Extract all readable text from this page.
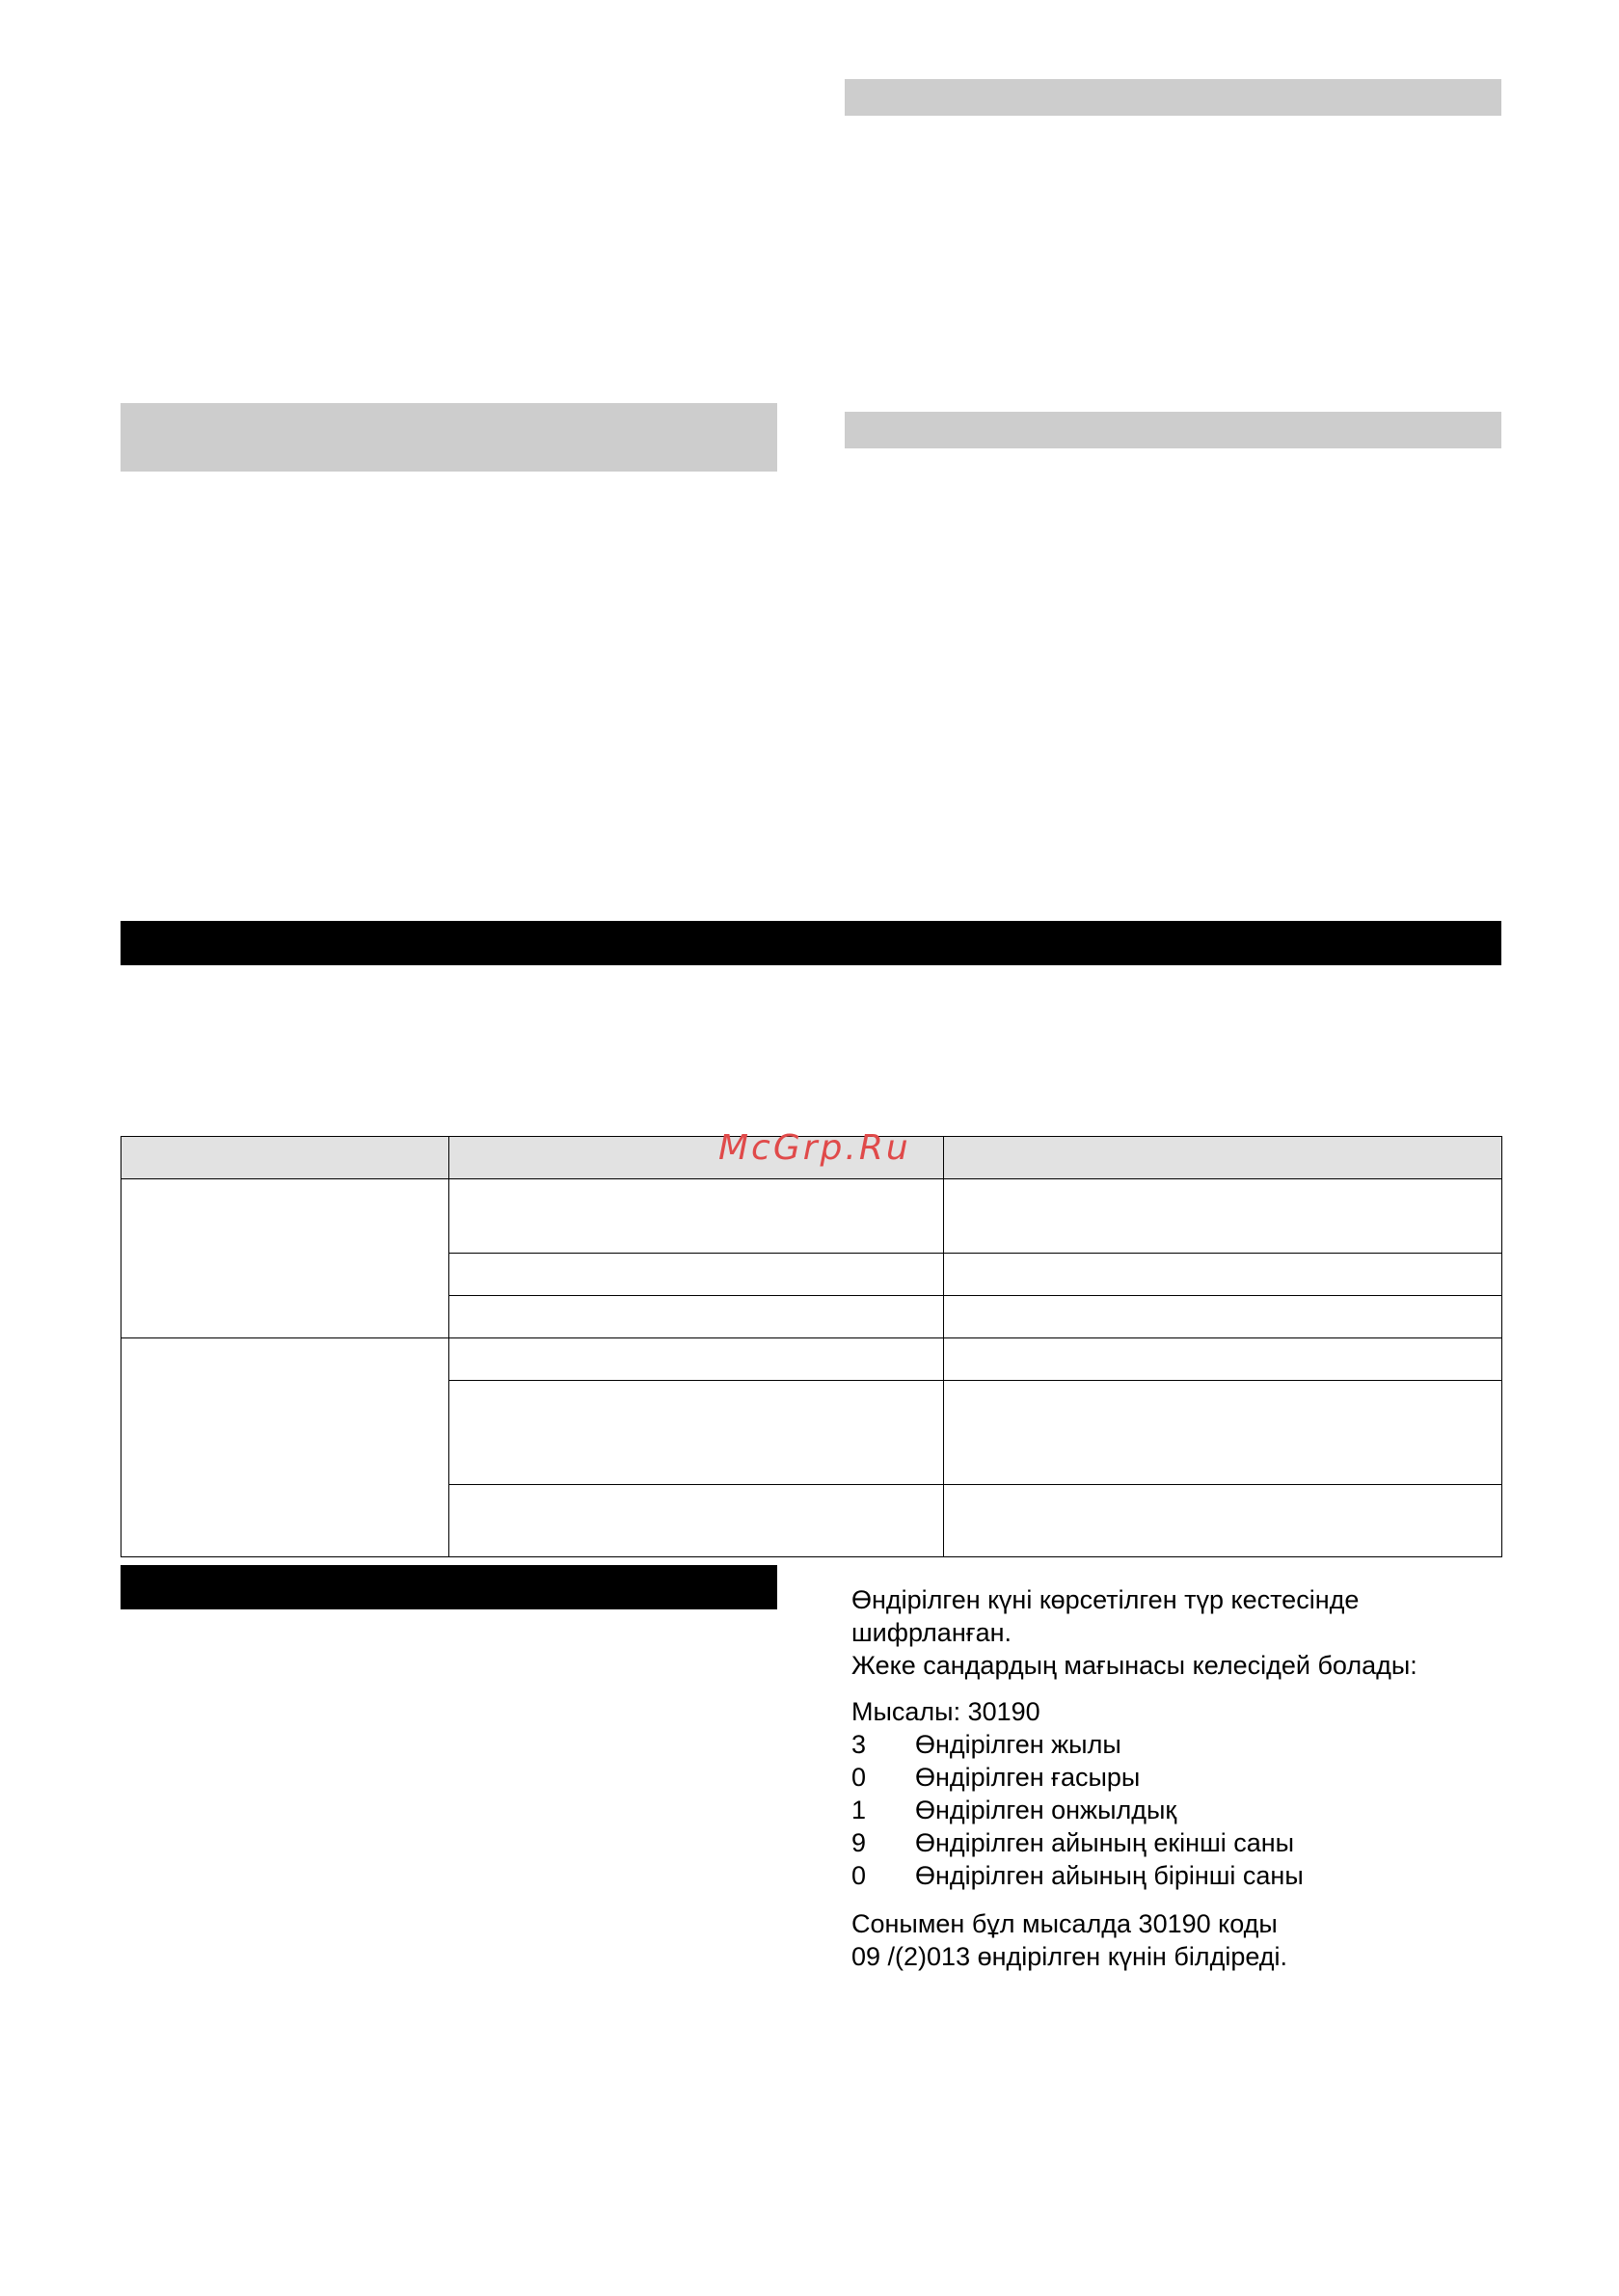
McGrp.Ru
Өндірілген күні көрсетілген түр кестесінде
шифрланған.
Жеке сандардың мағынасы келесідей болады:
Мысалы: 30190
3	Өндірілген жылы
0	Өндірілген ғасыры
1	Өндірілген онжылдық
9	Өндірілген айының екінші саны
0	Өндірілген айының бірінші саны
Сонымен бұл мысалда 30190 коды
09 /(2)013 өндірілген күнін білдіреді.
